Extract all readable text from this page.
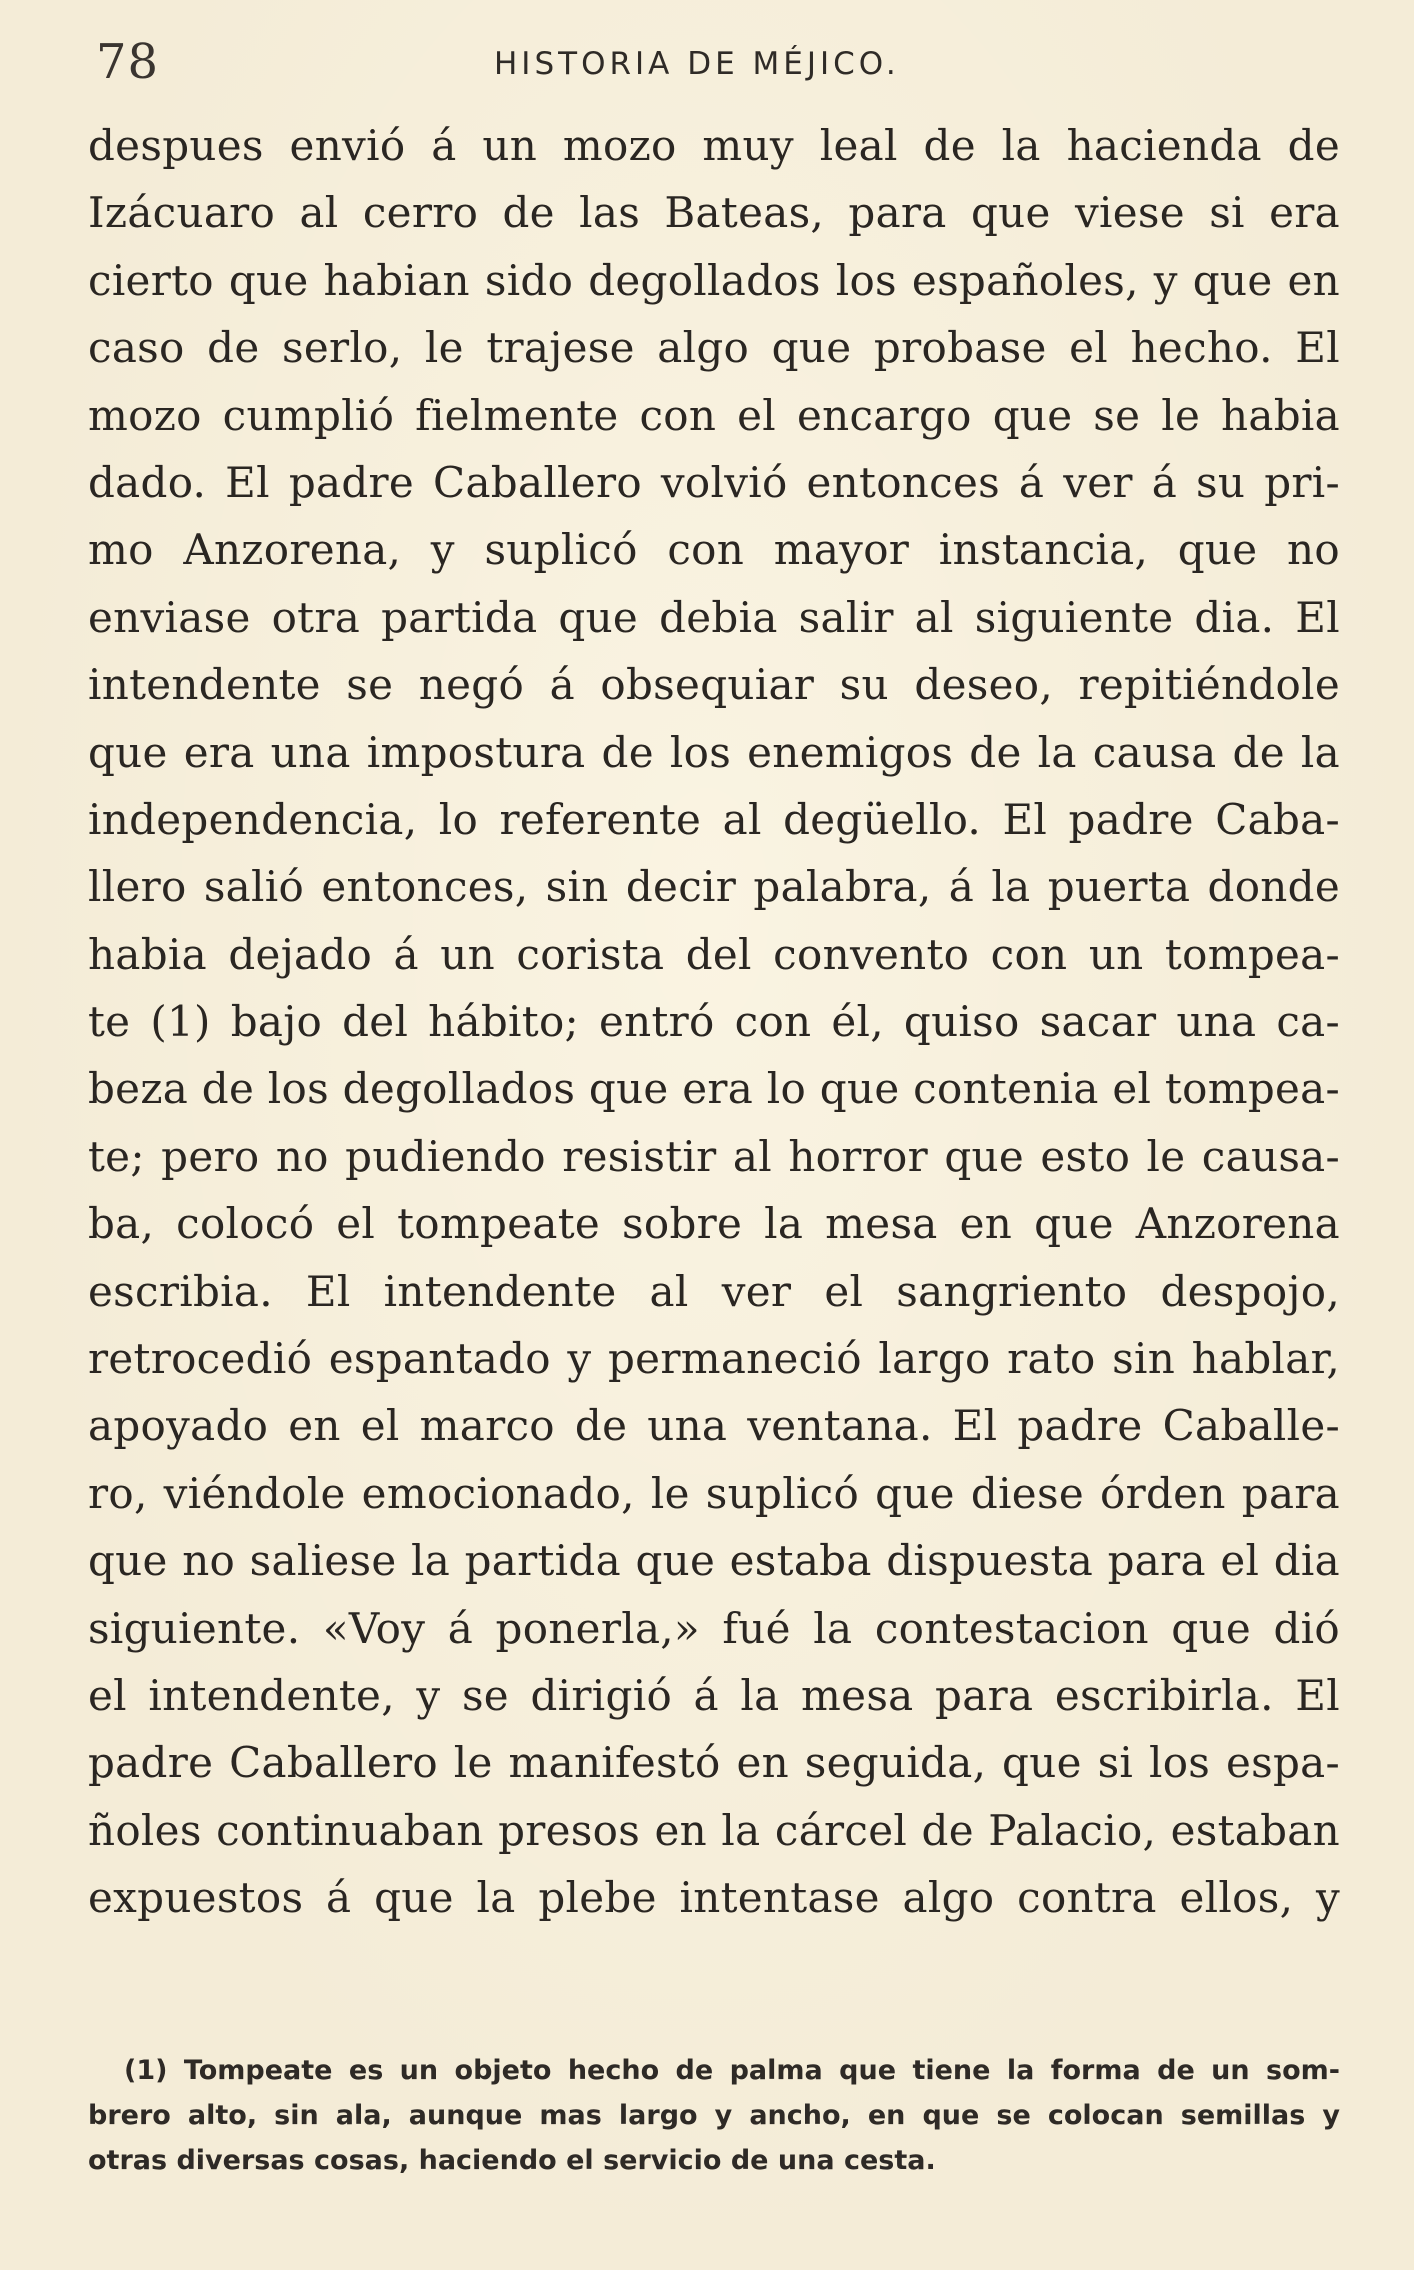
78	HISTORIA DE MÉJICO.
despues envió á un mozo muy leal de la hacienda de
Izácuaro al cerro de las Bateas, para que viese si era
cierto que habian sido degollados los españoles, y que en
caso de serlo, le trajese algo que probase el hecho. El
mozo cumplió fielmente con el encargo que se le habia
dado. El padre Caballero volvió entonces á ver á su pri-
mo Anzorena, y suplicó con mayor instancia, que no
enviase otra partida que debia salir al siguiente dia. El
intendente se negó á obsequiar su deseo, repitiéndole
que era una impostura de los enemigos de la causa de la
independencia, lo referente al degüello. El padre Caba-
llero salió entonces, sin decir palabra, á la puerta donde
habia dejado á un corista del convento con un tompea-
te (1) bajo del hábito; entró con él, quiso sacar una ca-
beza de los degollados que era lo que contenia el tompea-
te; pero no pudiendo resistir al horror que esto le causa-
ba, colocó el tompeate sobre la mesa en que Anzorena
escribia. El intendente al ver el sangriento despojo,
retrocedió espantado y permaneció largo rato sin hablar,
apoyado en el marco de una ventana. El padre Caballe-
ro, viéndole emocionado, le suplicó que diese órden para
que no saliese la partida que estaba dispuesta para el dia
siguiente. «Voy á ponerla,» fué la contestacion que dió
el intendente, y se dirigió á la mesa para escribirla. El
padre Caballero le manifestó en seguida, que si los espa-
ñoles continuaban presos en la cárcel de Palacio, estaban
expuestos á que la plebe intentase algo contra ellos, y
(1) Tompeate es un objeto hecho de palma que tiene la forma de un som-
brero alto, sin ala, aunque mas largo y ancho, en que se colocan semillas y
otras diversas cosas, haciendo el servicio de una cesta.
